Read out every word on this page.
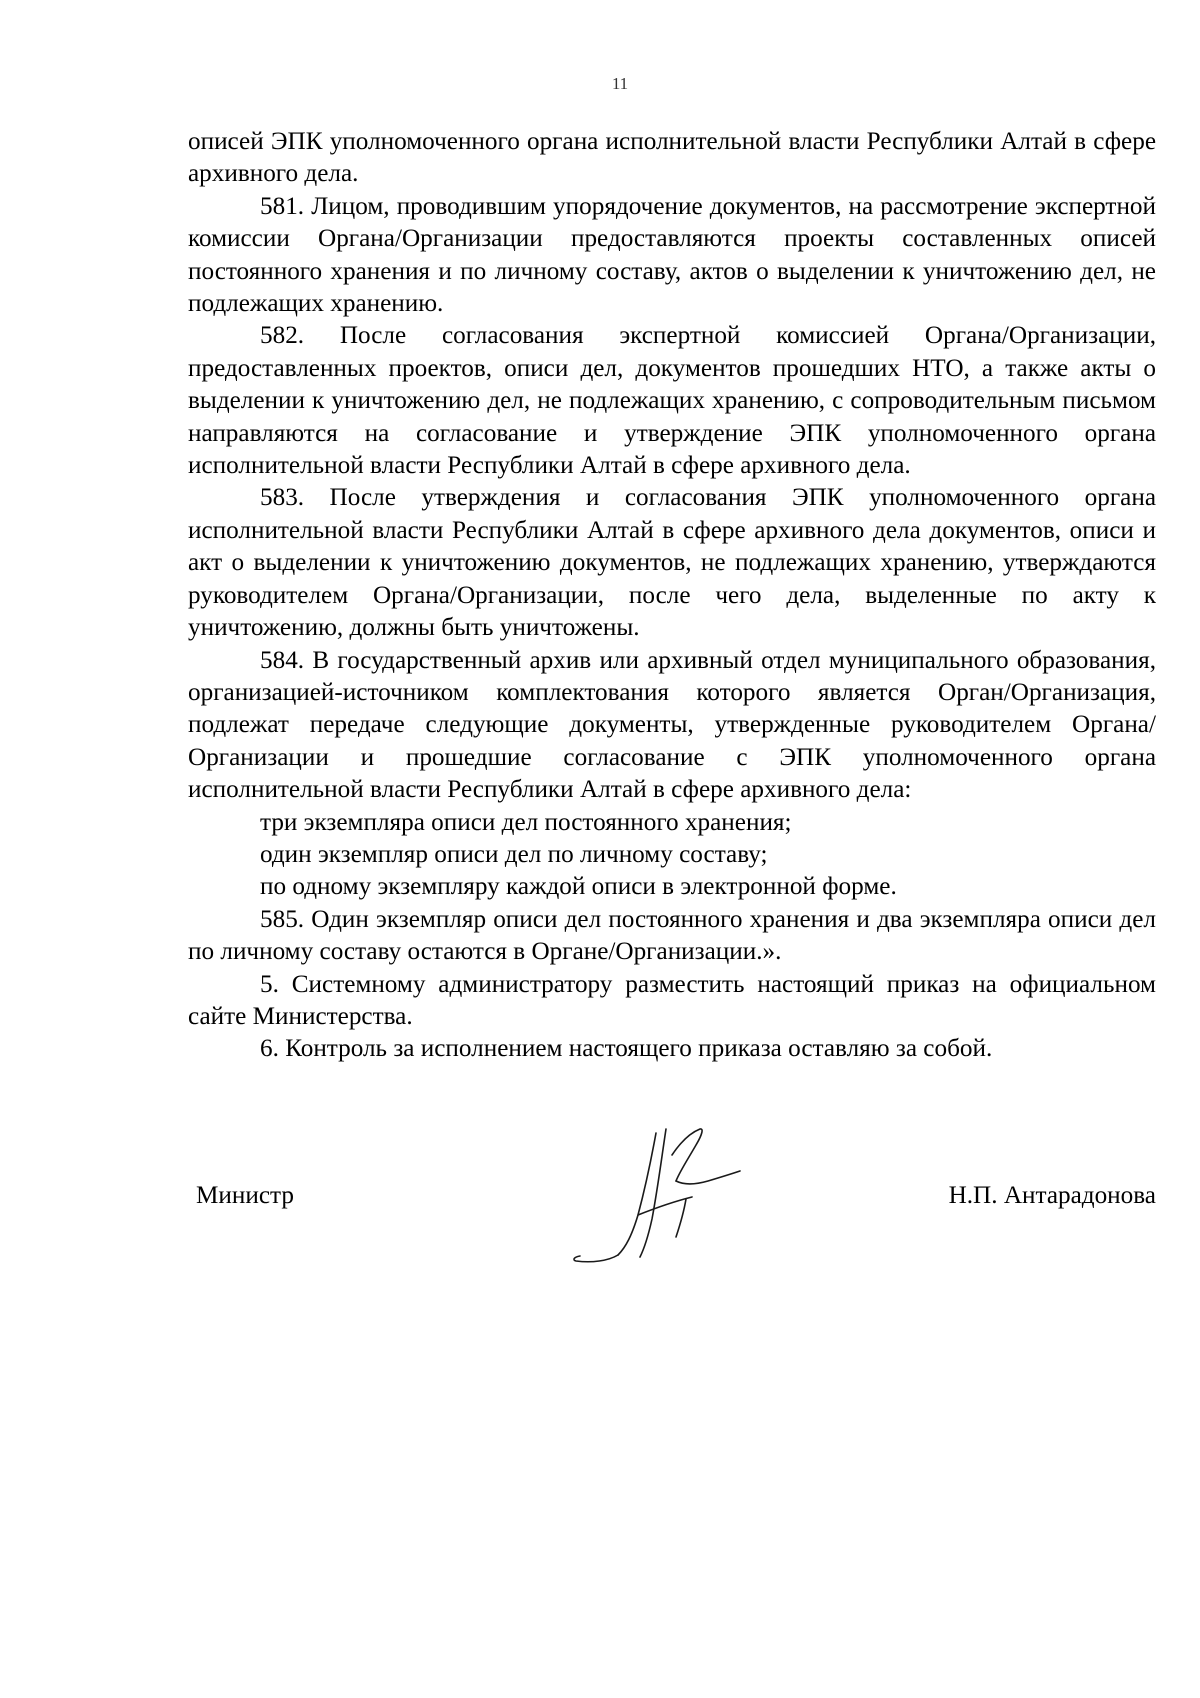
11

описей ЭПК уполномоченного органа исполнительной власти Республики Алтай в сфере архивного дела.

581. Лицом, проводившим упорядочение документов, на рассмотрение экспертной комиссии Органа/Организации предоставляются проекты составленных описей постоянного хранения и по личному составу, актов о выделении к уничтожению дел, не подлежащих хранению.

582. После согласования экспертной комиссией Органа/Организации, предоставленных проектов, описи дел, документов прошедших НТО, а также акты о выделении к уничтожению дел, не подлежащих хранению, с сопроводительным письмом направляются на согласование и утверждение ЭПК уполномоченного органа исполнительной власти Республики Алтай в сфере архивного дела.

583. После утверждения и согласования ЭПК уполномоченного органа исполнительной власти Республики Алтай в сфере архивного дела документов, описи и акт о выделении к уничтожению документов, не подлежащих хранению, утверждаются руководителем Органа/Организации, после чего дела, выделенные по акту к уничтожению, должны быть уничтожены.

584. В государственный архив или архивный отдел муниципального образования, организацией-источником комплектования которого является Орган/Организация, подлежат передаче следующие документы, утвержденные руководителем Органа/Организации и прошедшие согласование с ЭПК уполномоченного органа исполнительной власти Республики Алтай в сфере архивного дела:

три экземпляра описи дел постоянного хранения;

один экземпляр описи дел по личному составу;

по одному экземпляру каждой описи в электронной форме.

585. Один экземпляр описи дел постоянного хранения и два экземпляра описи дел по личному составу остаются в Органе/Организации.».

5. Системному администратору разместить настоящий приказ на официальном сайте Министерства.

6. Контроль за исполнением настоящего приказа оставляю за собой.

Министр	Н.П. Антарадонова
